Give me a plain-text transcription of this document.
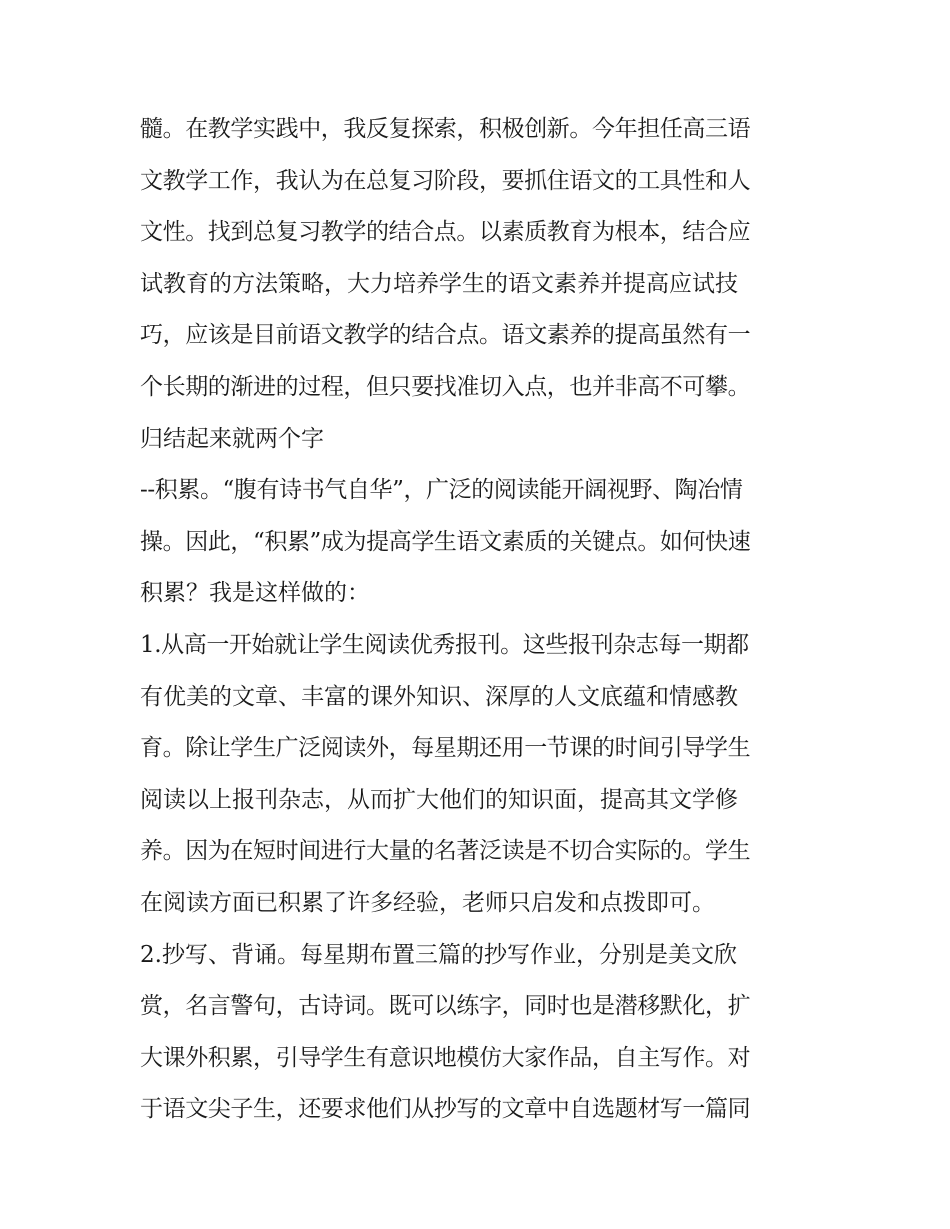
髓。在教学实践中，我反复探索，积极创新。今年担任高三语
文教学工作，我认为在总复习阶段，要抓住语文的工具性和人
文性。找到总复习教学的结合点。以素质教育为根本，结合应
试教育的方法策略，大力培养学生的语文素养并提高应试技
巧，应该是目前语文教学的结合点。语文素养的提高虽然有一
个长期的渐进的过程，但只要找准切入点，也并非高不可攀。
归结起来就两个字
--积累。“腹有诗书气自华”，广泛的阅读能开阔视野、陶冶情
操。因此，“积累”成为提高学生语文素质的关键点。如何快速
积累？我是这样做的：
1.从高一开始就让学生阅读优秀报刊。这些报刊杂志每一期都
有优美的文章、丰富的课外知识、深厚的人文底蕴和情感教
育。除让学生广泛阅读外，每星期还用一节课的时间引导学生
阅读以上报刊杂志，从而扩大他们的知识面，提高其文学修
养。因为在短时间进行大量的名著泛读是不切合实际的。学生
在阅读方面已积累了许多经验，老师只启发和点拨即可。
2.抄写、背诵。每星期布置三篇的抄写作业，分别是美文欣
赏，名言警句，古诗词。既可以练字，同时也是潜移默化，扩
大课外积累，引导学生有意识地模仿大家作品，自主写作。对
于语文尖子生，还要求他们从抄写的文章中自选题材写一篇同
